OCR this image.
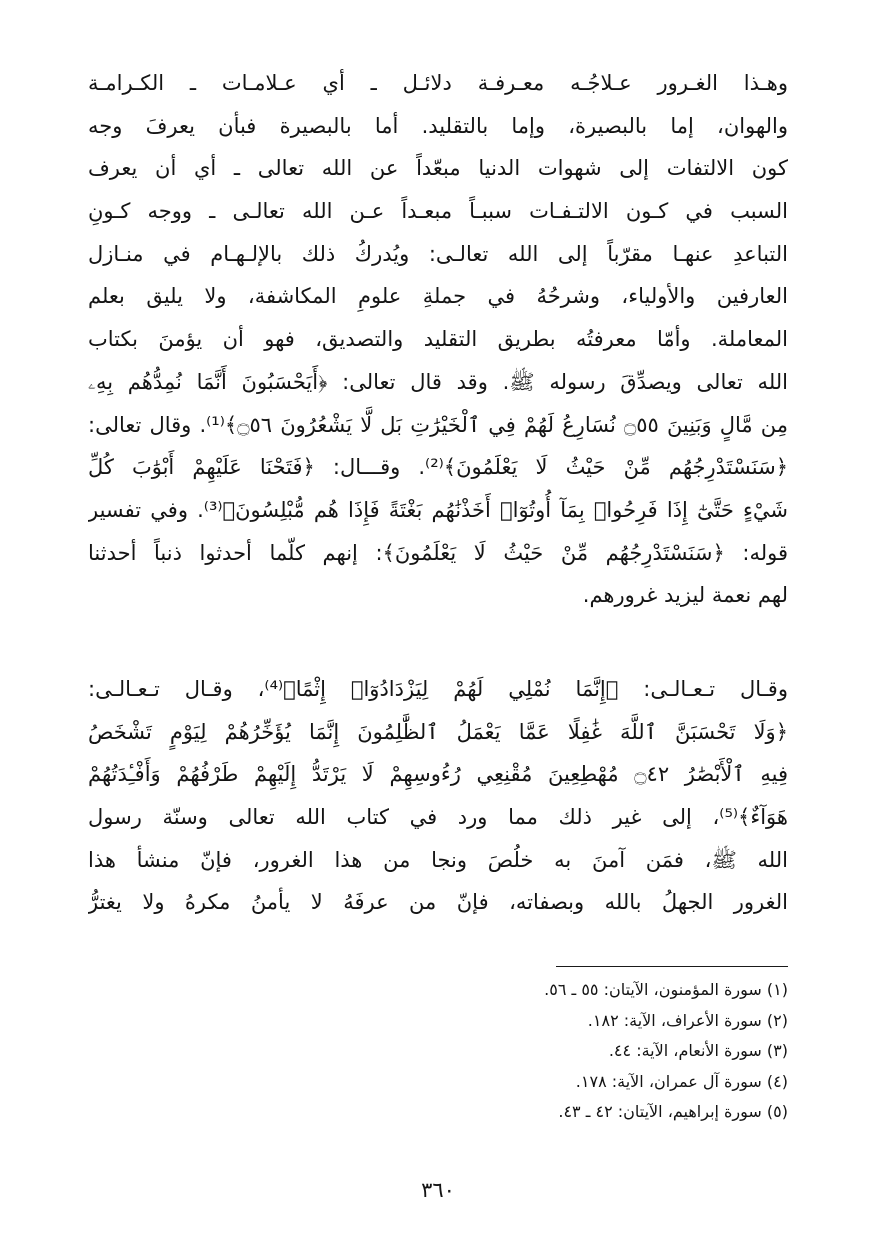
وهـذا الغـرور عـلاجُـه معـرفـة دلائـل ـ أي عـلامـات ـ الكـرامـة
والهوان، إما بالبصيرة، وإما بالتقليد. أما بالبصيرة فبأن يعرفَ وجه
كون الالتفات إلى شهوات الدنيا مبعّداً عن الله تعالى ـ أي أن يعرف
السبب في كـون الالتـفـات سببـاً مبعـداً عـن الله تعالـى ـ ووجه كـونِ
التباعدِ عنهـا مقرّباً إلى الله تعالـى: ويُدركُ ذلك بالإلـهـام في منـازل
العارفين والأولياء، وشرحُهُ في جملةِ علومِ المكاشفة، ولا يليق بعلم
المعاملة. وأمّا معرفتُه بطريق التقليد والتصديق، فهو أن يؤمنَ بكتاب
الله تعالى ويصدِّقَ رسوله ﷺ. وقد قال تعالى: ﴿أَيَحْسَبُونَ أَنَّمَا نُمِدُّهُم بِهِۦ
مِن مَّالٍ وَبَنِينَ ۝٥٥ نُسَارِعُ لَهُمْ فِي ٱلْخَيْرَٰتِ بَل لَّا يَشْعُرُونَ ۝٥٦﴾⁽¹⁾. وقال تعالى:
﴿سَنَسْتَدْرِجُهُم مِّنْ حَيْثُ لَا يَعْلَمُونَ﴾⁽²⁾. وقـــال: ﴿فَتَحْنَا عَلَيْهِمْ أَبْوَٰبَ كُلِّ
شَيْءٍ حَتَّىٰٓ إِذَا فَرِحُوا۟ بِمَآ أُوتُوٓا۟ أَخَذْنَٰهُم بَغْتَةً فَإِذَا هُم مُّبْلِسُونَ﴾⁽³⁾. وفي تفسير
قوله: ﴿سَنَسْتَدْرِجُهُم مِّنْ حَيْثُ لَا يَعْلَمُونَ﴾: إنهم كلّما أحدثوا ذنباً أحدثنا
لهم نعمة ليزيد غرورهم.
وقـال تـعـالـى: ﴿إِنَّمَا نُمْلِي لَهُمْ لِيَزْدَادُوٓا۟ إِثْمًا﴾⁽⁴⁾، وقـال تـعـالـى:
﴿وَلَا تَحْسَبَنَّ ٱللَّهَ غَٰفِلًا عَمَّا يَعْمَلُ ٱلظَّٰلِمُونَ إِنَّمَا يُؤَخِّرُهُمْ لِيَوْمٍ تَشْخَصُ
فِيهِ ٱلْأَبْصَٰرُ ۝٤٢ مُهْطِعِينَ مُقْنِعِي رُءُوسِهِمْ لَا يَرْتَدُّ إِلَيْهِمْ طَرْفُهُمْ وَأَفْـِٔدَتُهُمْ
هَوَآءٌ﴾⁽⁵⁾، إلى غير ذلك مما ورد في كتاب الله تعالى وسنّة رسول
الله ﷺ، فمَن آمنَ به خلُصَ ونجا من هذا الغرور، فإنّ منشأ هذا
الغرور الجهلُ بالله وبصفاته، فإنّ من عرفَهُ لا يأمنُ مكرهُ ولا يغترُّ
(١) سورة المؤمنون، الآيتان: ٥٥ ـ ٥٦.
(٢) سورة الأعراف، الآية: ١٨٢.
(٣) سورة الأنعام، الآية: ٤٤.
(٤) سورة آل عمران، الآية: ١٧٨.
(٥) سورة إبراهيم، الآيتان: ٤٢ ـ ٤٣.
٣٦٠
